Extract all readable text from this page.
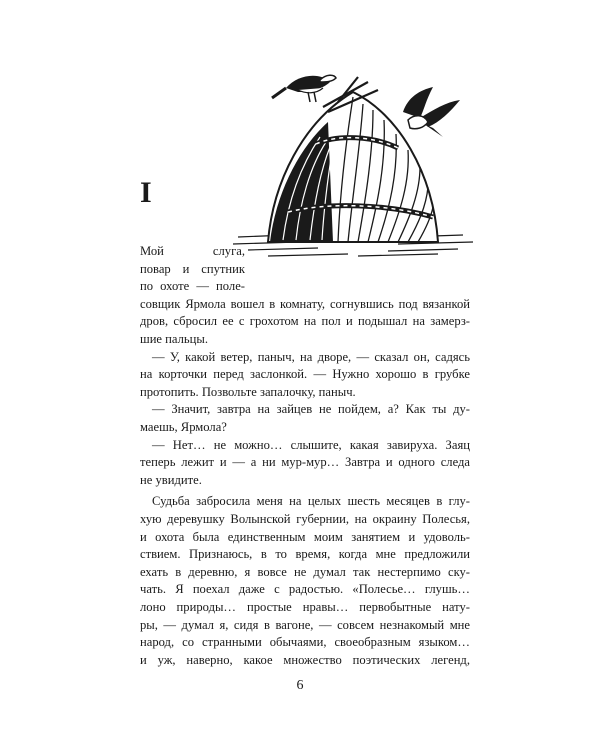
I
Мой слуга,
повар и спутник
по охоте — поле-
совщик Ярмола вошел в комнату, согнувшись под вязанкой
дров, сбросил ее с грохотом на пол и подышал на замерз-
шие пальцы.
— У, какой ветер, паныч, на дворе, — сказал он, садясь
на корточки перед заслонкой. — Нужно хорошо в грубке
протопить. Позвольте запалочку, паныч.
— Значит, завтра на зайцев не пойдем, а? Как ты ду-
маешь, Ярмола?
— Нет… не можно… слышите, какая завируха. Заяц
теперь лежит и — а ни мур-мур… Завтра и одного следа
не увидите.
Судьба забросила меня на целых шесть месяцев в глу-
хую деревушку Волынской губернии, на окраину Полесья,
и охота была единственным моим занятием и удоволь-
ствием. Признаюсь, в то время, когда мне предложили
ехать в деревню, я вовсе не думал так нестерпимо ску-
чать. Я поехал даже с радостью. «Полесье… глушь…
лоно природы… простые нравы… первобытные нату-
ры, — думал я, сидя в вагоне, — совсем незнакомый мне
народ, со странными обычаями, своеобразным языком…
и уж, наверно, какое множество поэтических легенд,
6
